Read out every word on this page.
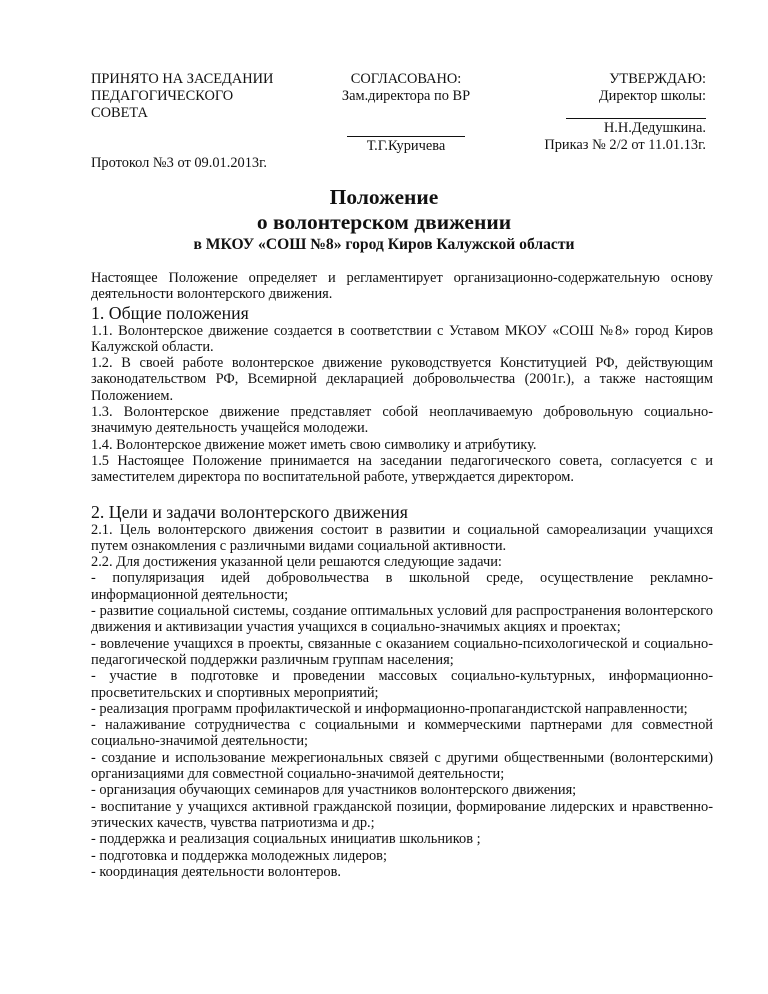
ПРИНЯТО НА ЗАСЕДАНИИ
ПЕДАГОГИЧЕСКОГО
СОВЕТА
Протокол №3 от 09.01.2013г.
СОГЛАСОВАНО:
Зам.директора по ВР
Т.Г.Куричева
УТВЕРЖДАЮ:
Директор школы:
Н.Н.Дедушкина.
Приказ № 2/2 от 11.01.13г.
Положение
о волонтерском движении
в МКОУ «СОШ №8» город Киров Калужской области

Настоящее Положение определяет и регламентирует организационно-содержательную основу деятельности волонтерского движения.

1. Общие положения

1.1. Волонтерское движение создается в соответствии с Уставом МКОУ «СОШ №8» город Киров Калужской области.

1.2. В своей работе волонтерское движение руководствуется Конституцией РФ, действующим законодательством РФ, Всемирной декларацией добровольчества (2001г.), а также настоящим Положением.

1.3. Волонтерское движение представляет собой неоплачиваемую добровольную социально-значимую деятельность учащейся молодежи.

1.4. Волонтерское движение может иметь свою символику и атрибутику.

1.5 Настоящее Положение принимается на заседании педагогического совета, согласуется с и заместителем директора по воспитательной работе, утверждается директором.

2. Цели и задачи волонтерского движения

2.1. Цель волонтерского движения состоит в развитии и социальной самореализации учащихся путем ознакомления с различными видами социальной активности.

2.2. Для достижения указанной цели решаются следующие задачи:

- популяризация идей добровольчества в школьной среде, осуществление рекламно-информационной деятельности;

- развитие социальной системы, создание оптимальных условий для распространения волонтерского движения и активизации участия учащихся в социально-значимых акциях и проектах;

- вовлечение учащихся в проекты, связанные с оказанием социально-психологической и социально-педагогической поддержки различным группам населения;

- участие в подготовке и проведении массовых социально-культурных, информационно-просветительских и спортивных мероприятий;

- реализация программ профилактической и информационно-пропагандистской направленности;

- налаживание сотрудничества с социальными и коммерческими партнерами для совместной социально-значимой деятельности;

- создание и использование межрегиональных связей с другими общественными (волонтерскими) организациями для совместной социально-значимой деятельности;

- организация обучающих семинаров для участников волонтерского движения;

- воспитание у учащихся активной гражданской позиции, формирование лидерских и нравственно-этических качеств, чувства патриотизма и др.;

- поддержка и реализация социальных инициатив школьников ;

- подготовка и поддержка молодежных лидеров;

- координация деятельности волонтеров.
